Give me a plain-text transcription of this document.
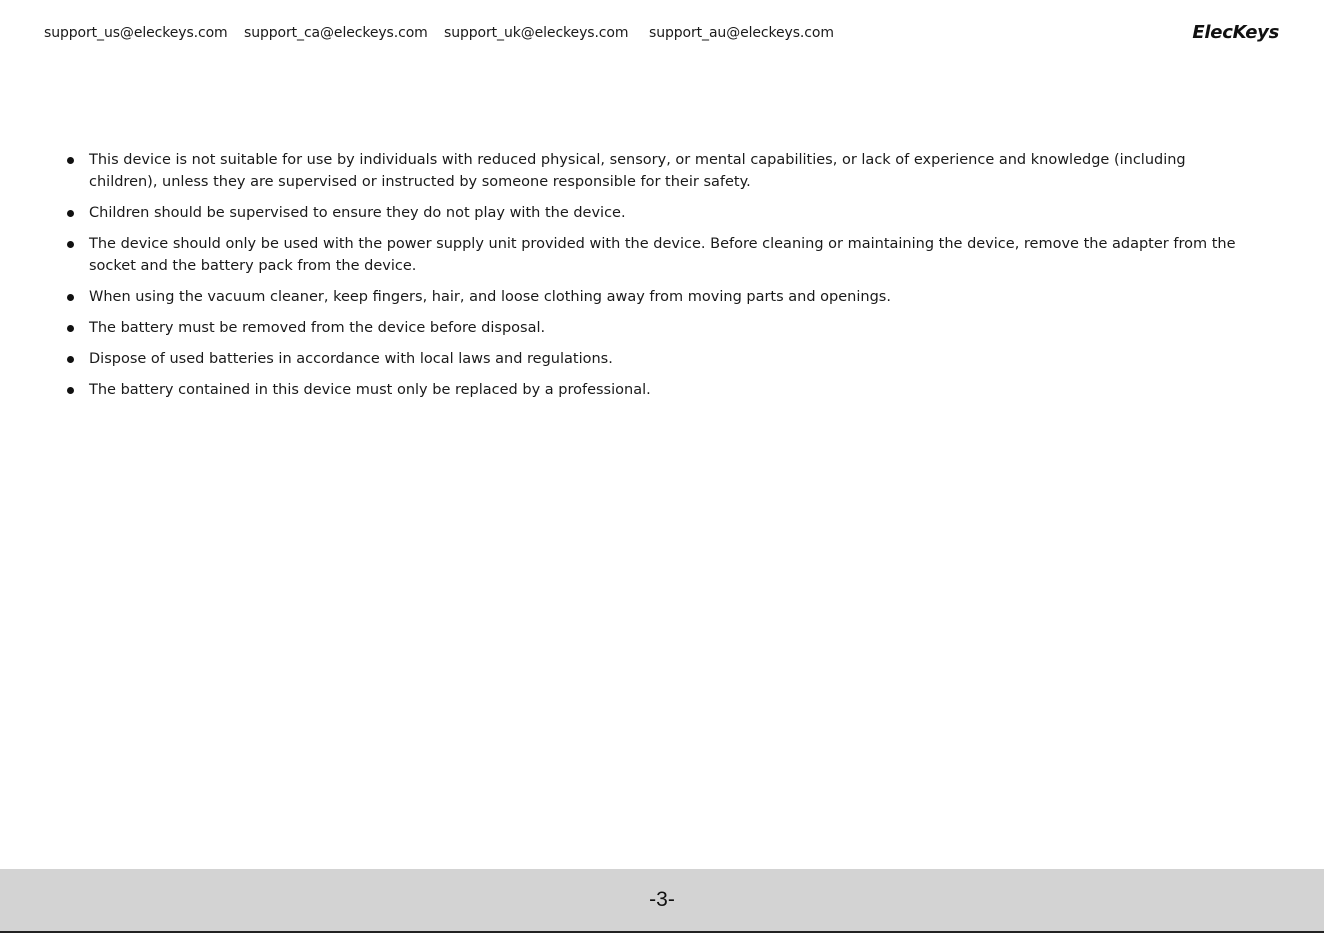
support_us@eleckeys.com support_ca@eleckeys.com support_uk@eleckeys.com support_au@eleckeys.com	ElecKeys
This device is not suitable for use by individuals with reduced physical, sensory, or mental capabilities, or lack of experience and knowledge (including children), unless they are supervised or instructed by someone responsible for their safety.
Children should be supervised to ensure they do not play with the device.
The device should only be used with the power supply unit provided with the device. Before cleaning or maintaining the device, remove the adapter from the socket and the battery pack from the device.
When using the vacuum cleaner, keep fingers, hair, and loose clothing away from moving parts and openings.
The battery must be removed from the device before disposal.
Dispose of used batteries in accordance with local laws and regulations.
The battery contained in this device must only be replaced by a professional.
-3-
